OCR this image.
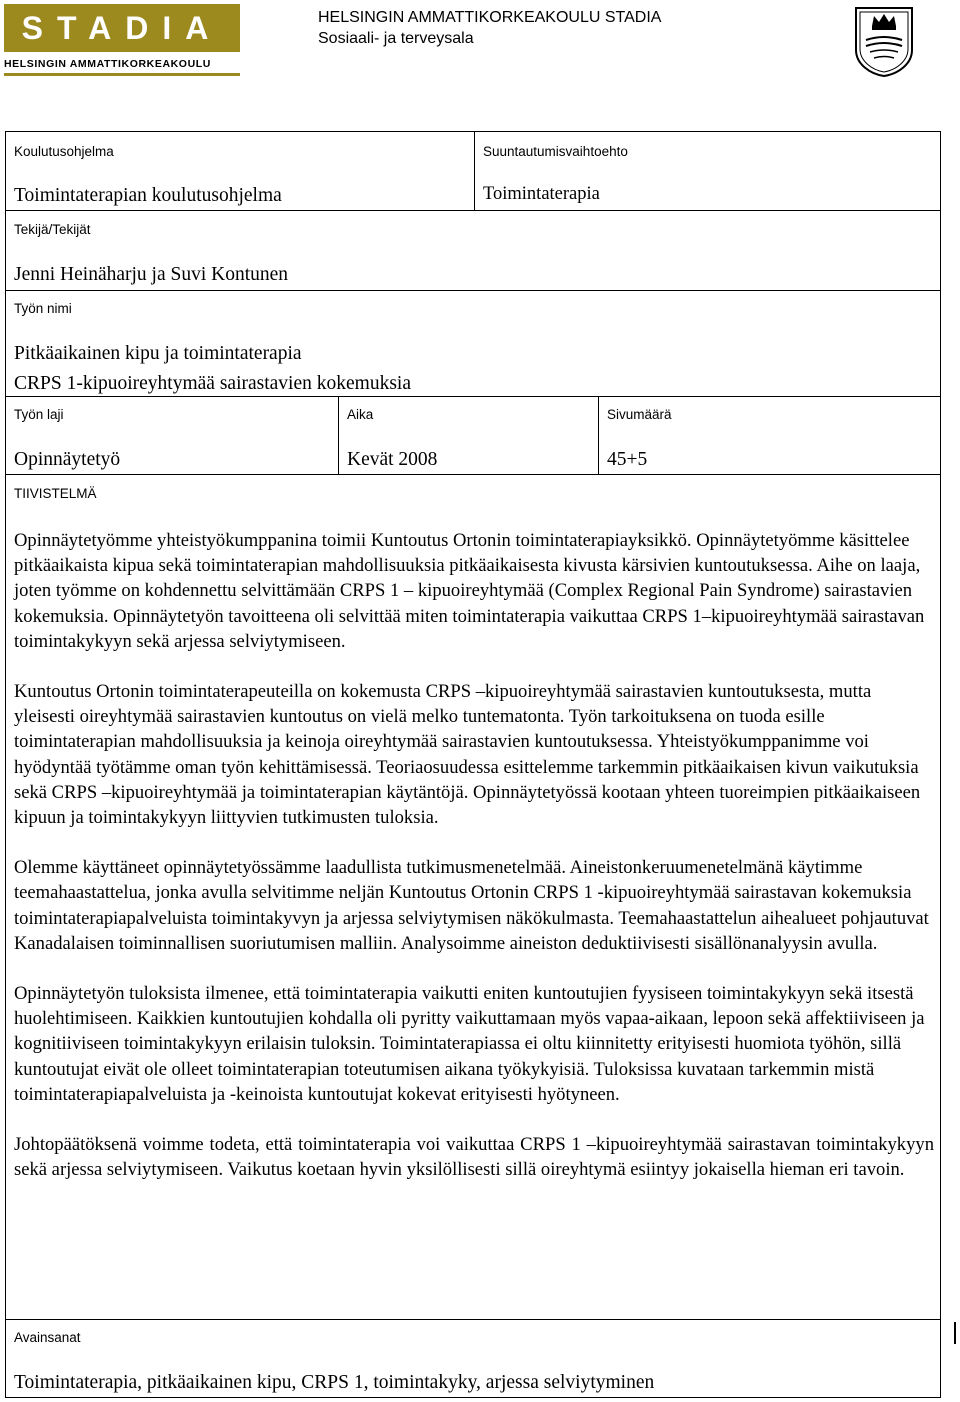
STADIA
HELSINGIN AMMATTIKORKEAKOULU
HELSINGIN AMMATTIKORKEAKOULU STADIA
Sosiaali- ja terveysala
Koulutusohjelma
Toimintaterapian koulutusohjelma
Suuntautumisvaihtoehto
Toimintaterapia
Tekijä/Tekijät
Jenni Heinäharju ja Suvi Kontunen
Työn nimi
Pitkäaikainen kipu ja toimintaterapia
CRPS 1-kipuoireyhtymää sairastavien kokemuksia
Työn laji
Opinnäytetyö
Aika
Kevät 2008
Sivumäärä
45+5
TIIVISTELMÄ

Opinnäytetyömme yhteistyökumppanina toimii Kuntoutus Ortonin toimintaterapiayksikkö. Opinnäytetyömme käsittelee pitkäaikaista kipua sekä toimintaterapian mahdollisuuksia pitkäaikaisesta kivusta kärsivien kuntoutuksessa. Aihe on laaja, joten työmme on kohdennettu selvittämään CRPS 1 – kipuoireyhtymää (Complex Regional Pain Syndrome) sairastavien kokemuksia. Opinnäytetyön tavoitteena oli selvittää miten toimintaterapia vaikuttaa CRPS 1–kipuoireyhtymää sairastavan toimintakykyyn sekä arjessa selviytymiseen.

Kuntoutus Ortonin toimintaterapeuteilla on kokemusta CRPS –kipuoireyhtymää sairastavien kuntoutuksesta, mutta yleisesti oireyhtymää sairastavien kuntoutus on vielä melko tuntematonta. Työn tarkoituksena on tuoda esille toimintaterapian mahdollisuuksia ja keinoja oireyhtymää sairastavien kuntoutuksessa. Yhteistyökumppanimme voi hyödyntää työtämme oman työn kehittämisessä. Teoriaosuudessa esittelemme tarkemmin pitkäaikaisen kivun vaikutuksia sekä CRPS –kipuoireyhtymää ja toimintaterapian käytäntöjä. Opinnäytetyössä kootaan yhteen tuoreimpien pitkäaikaiseen kipuun ja toimintakykyyn liittyvien tutkimusten tuloksia.

Olemme käyttäneet opinnäytetyössämme laadullista tutkimusmenetelmää. Aineistonkeruumenetelmänä käytimme teemahaastattelua, jonka avulla selvitimme neljän Kuntoutus Ortonin CRPS 1 -kipuoireyhtymää sairastavan kokemuksia toimintaterapiapalveluista toimintakyvyn ja arjessa selviytymisen näkökulmasta. Teemahaastattelun aihealueet pohjautuvat Kanadalaisen toiminnallisen suoriutumisen malliin. Analysoimme aineiston deduktiivisesti sisällönanalyysin avulla.

Opinnäytetyön tuloksista ilmenee, että toimintaterapia vaikutti eniten kuntoutujien fyysiseen toimintakykyyn sekä itsestä huolehtimiseen. Kaikkien kuntoutujien kohdalla oli pyritty vaikuttamaan myös vapaa-aikaan, lepoon sekä affektiiviseen ja kognitiiviseen toimintakykyyn erilaisin tuloksin. Toimintaterapiassa ei oltu kiinnitetty erityisesti huomiota työhön, sillä kuntoutujat eivät ole olleet toimintaterapian toteutumisen aikana työkykyisiä. Tuloksissa kuvataan tarkemmin mistä toimintaterapiapalveluista ja -keinoista kuntoutujat kokevat erityisesti hyötyneen.

Johtopäätöksenä voimme todeta, että toimintaterapia voi vaikuttaa CRPS 1 –kipuoireyhtymää sairastavan toimintakykyyn sekä arjessa selviytymiseen. Vaikutus koetaan hyvin yksilöllisesti sillä oireyhtymä esiintyy jokaisella hieman eri tavoin.

Avainsanat
Toimintaterapia, pitkäaikainen kipu, CRPS 1, toimintakyky, arjessa selviytyminen
